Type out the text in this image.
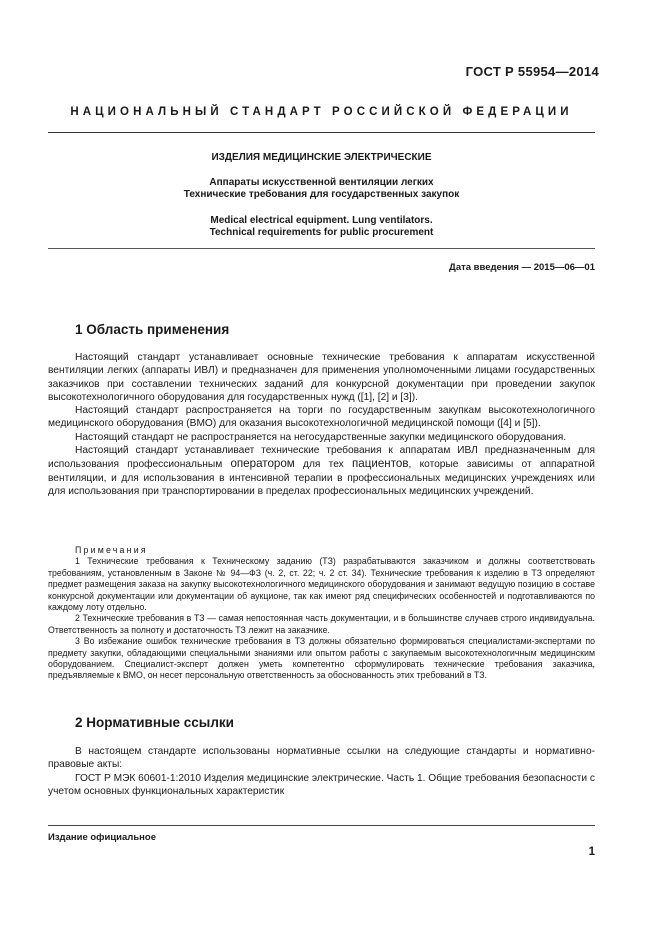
ГОСТ Р 55954—2014
НАЦИОНАЛЬНЫЙ СТАНДАРТ РОССИЙСКОЙ ФЕДЕРАЦИИ
ИЗДЕЛИЯ МЕДИЦИНСКИЕ ЭЛЕКТРИЧЕСКИЕ
Аппараты искусственной вентиляции легких
Технические требования для государственных закупок
Medical electrical equipment. Lung ventilators.
Technical requirements for public procurement
Дата введения — 2015—06—01
1 Область применения

Настоящий стандарт устанавливает основные технические требования к аппаратам искусственной вентиляции легких (аппараты ИВЛ) и предназначен для применения уполномоченными лицами государственных заказчиков при составлении технических заданий для конкурсной документации при проведении закупок высокотехнологичного оборудования для государственных нужд ([1], [2] и [3]).

Настоящий стандарт распространяется на торги по государственным закупкам высокотехнологичного медицинского оборудования (ВМО) для оказания высокотехнологичной медицинской помощи ([4] и [5]).

Настоящий стандарт не распространяется на негосударственные закупки медицинского оборудования.

Настоящий стандарт устанавливает технические требования к аппаратам ИВЛ предназначенным для использования профессиональным оператором для тех пациентов, которые зависимы от аппаратной вентиляции, и для использования в интенсивной терапии в профессиональных медицинских учреждениях или для использования при транспортировании в пределах профессиональных медицинских учреждений.

Примечания

1 Технические требования к Техническому заданию (ТЗ) разрабатываются заказчиком и должны соответствовать требованиям, установленным в Законе № 94—ФЗ (ч. 2, ст. 22; ч. 2 ст. 34). Технические требования к изделию в ТЗ определяют предмет размещения заказа на закупку высокотехнологичного медицинского оборудования и занимают ведущую позицию в составе конкурсной документации или документации об аукционе, так как имеют ряд специфических особенностей и подготавливаются по каждому лоту отдельно.

2 Технические требования в ТЗ — самая непостоянная часть документации, и в большинстве случаев строго индивидуальна. Ответственность за полноту и достаточность ТЗ лежит на заказчике.

3 Во избежание ошибок технические требования в ТЗ должны обязательно формироваться специалистами-экспертами по предмету закупки, обладающими специальными знаниями или опытом работы с закупаемым высокотехнологичным медицинским оборудованием. Специалист-эксперт должен уметь компетентно сформулировать технические требования заказчика, предъявляемые к ВМО, он несет персональную ответственность за обоснованность этих требований в ТЗ.

2 Нормативные ссылки

В настоящем стандарте использованы нормативные ссылки на следующие стандарты и нормативно-правовые акты:

ГОСТ Р МЭК 60601-1:2010 Изделия медицинские электрические. Часть 1. Общие требования безопасности с учетом основных функциональных характеристик

Издание официальное
1
